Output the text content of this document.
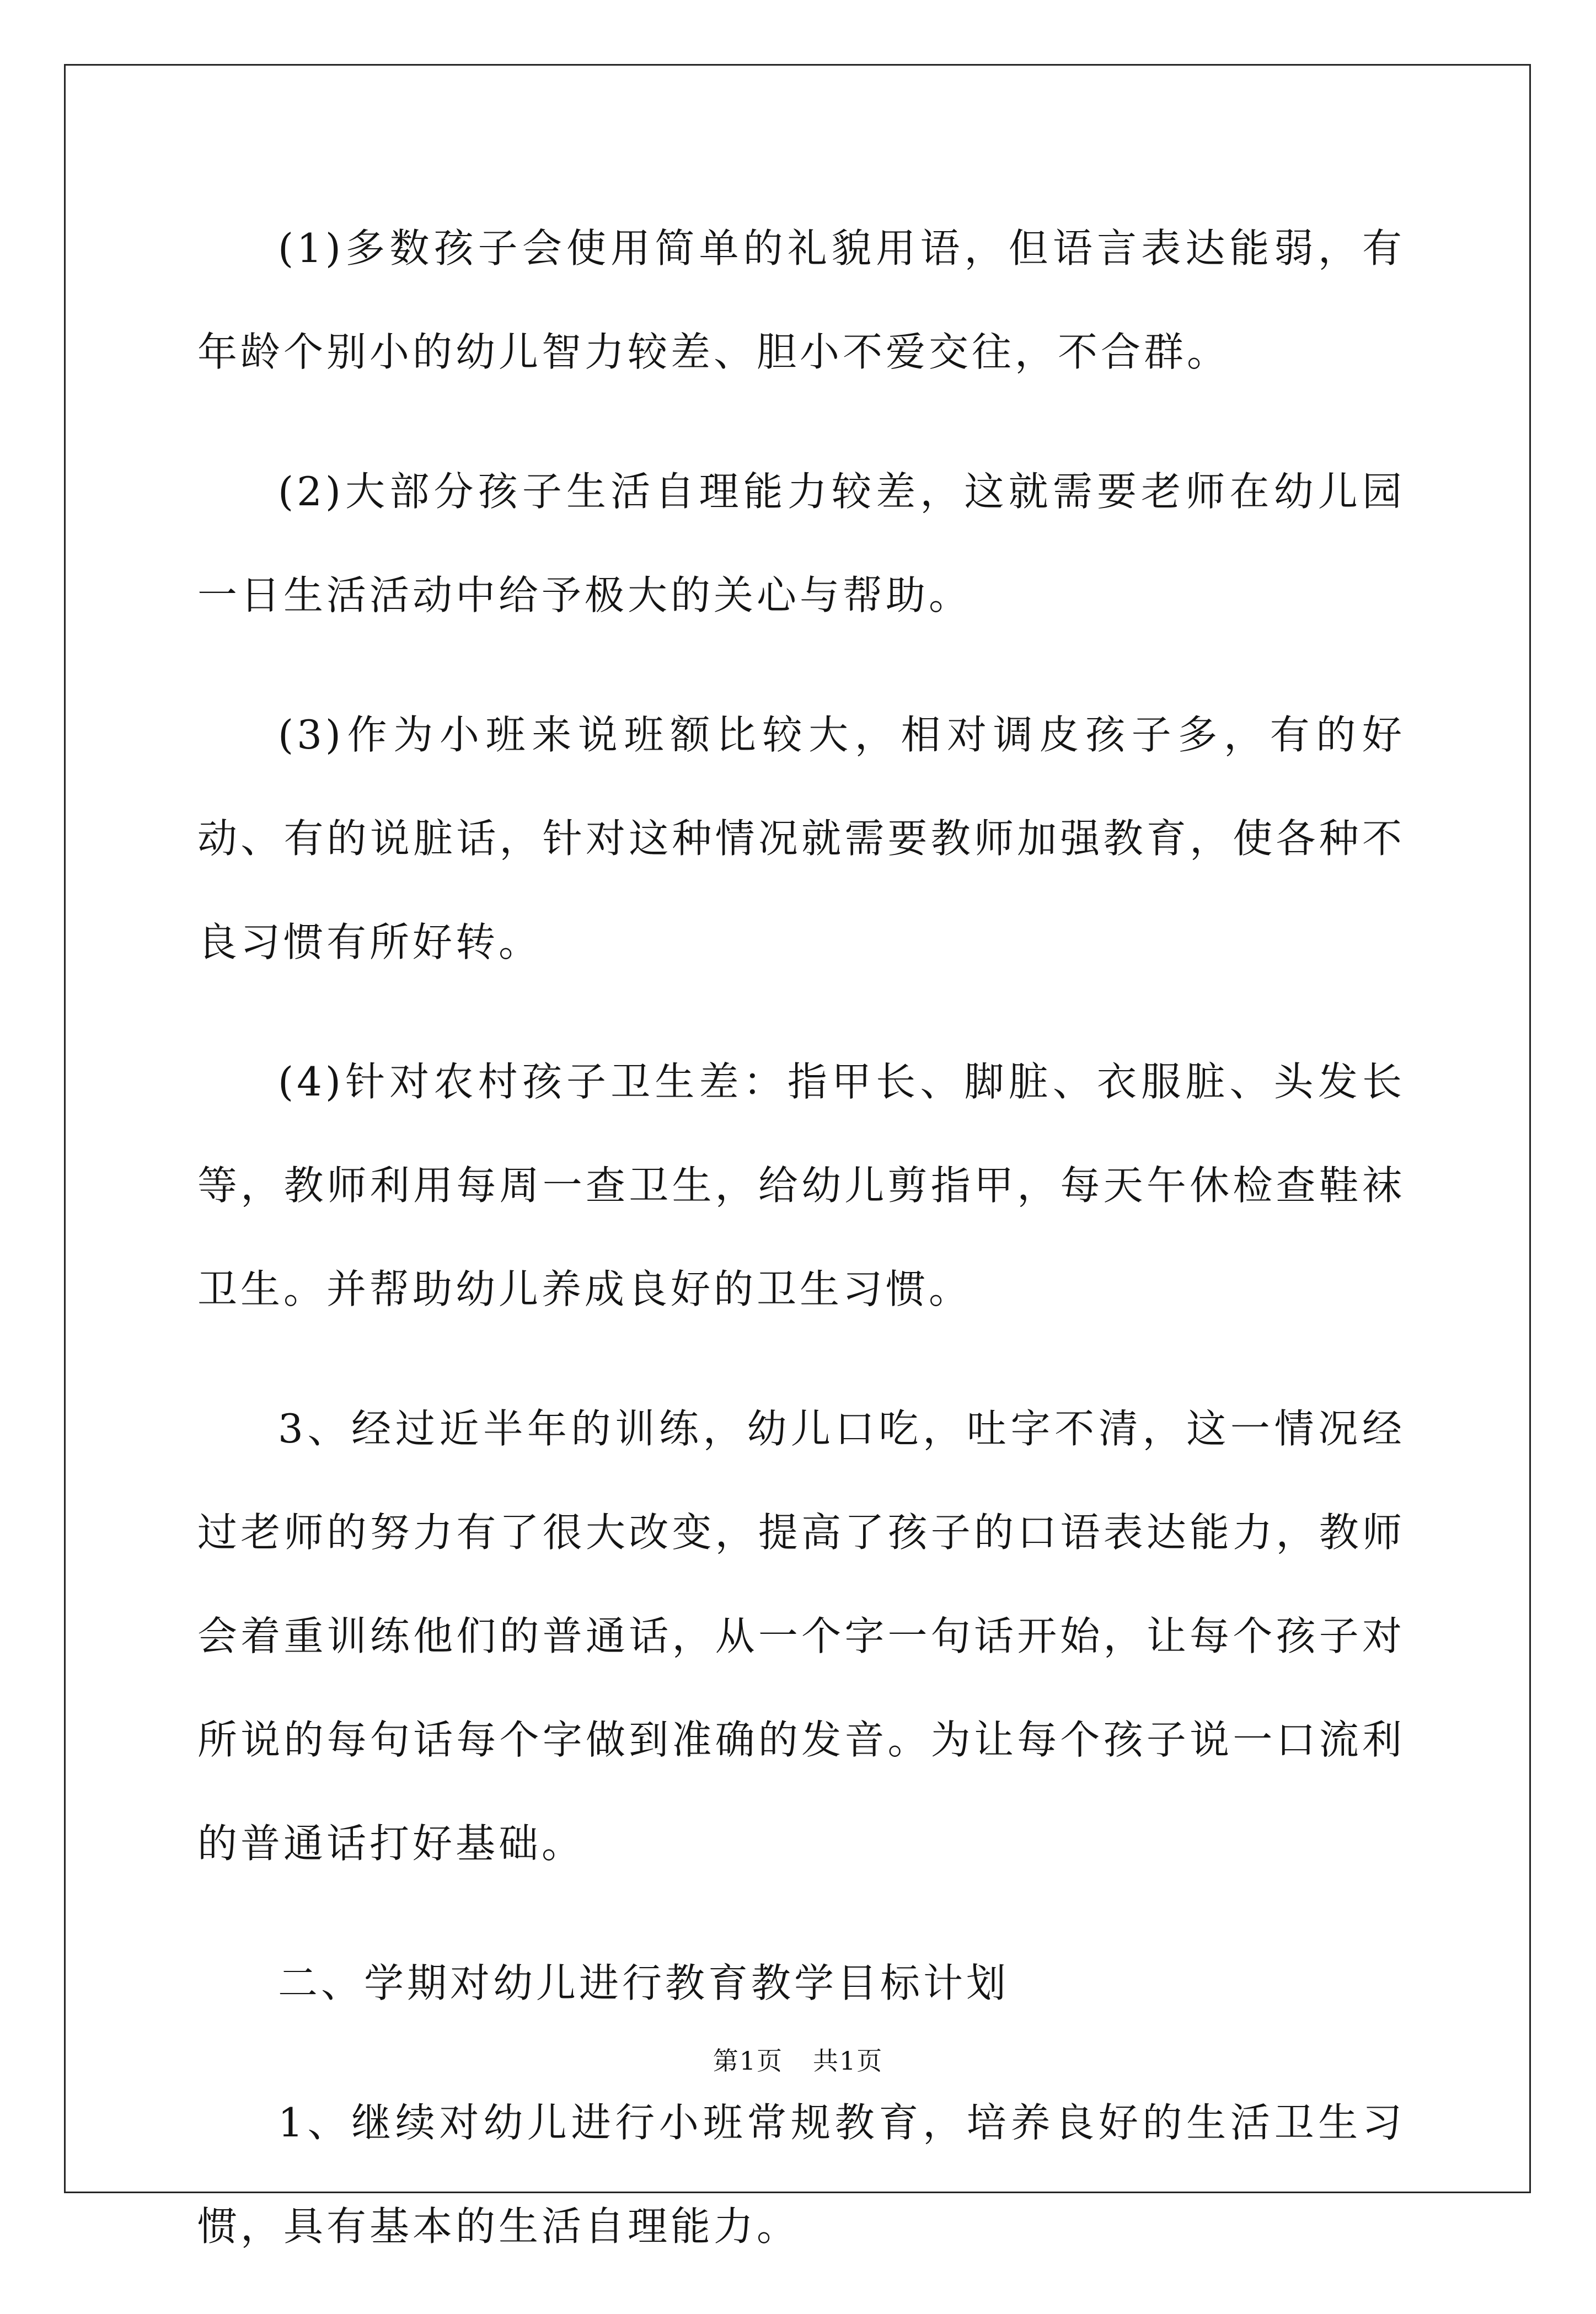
(1)多数孩子会使用简单的礼貌用语，但语言表达能弱，有年龄个别小的幼儿智力较差、胆小不爱交往，不合群。

(2)大部分孩子生活自理能力较差，这就需要老师在幼儿园一日生活活动中给予极大的关心与帮助。

(3)作为小班来说班额比较大，相对调皮孩子多，有的好动、有的说脏话，针对这种情况就需要教师加强教育，使各种不良习惯有所好转。

(4)针对农村孩子卫生差：指甲长、脚脏、衣服脏、头发长等，教师利用每周一查卫生，给幼儿剪指甲，每天午休检查鞋袜卫生。并帮助幼儿养成良好的卫生习惯。

3、经过近半年的训练，幼儿口吃，吐字不清，这一情况经过老师的努力有了很大改变，提高了孩子的口语表达能力，教师会着重训练他们的普通话，从一个字一句话开始，让每个孩子对所说的每句话每个字做到准确的发音。为让每个孩子说一口流利的普通话打好基础。

二、学期对幼儿进行教育教学目标计划

1、继续对幼儿进行小班常规教育，培养良好的生活卫生习惯，具有基本的生活自理能力。

第1页 共1页
